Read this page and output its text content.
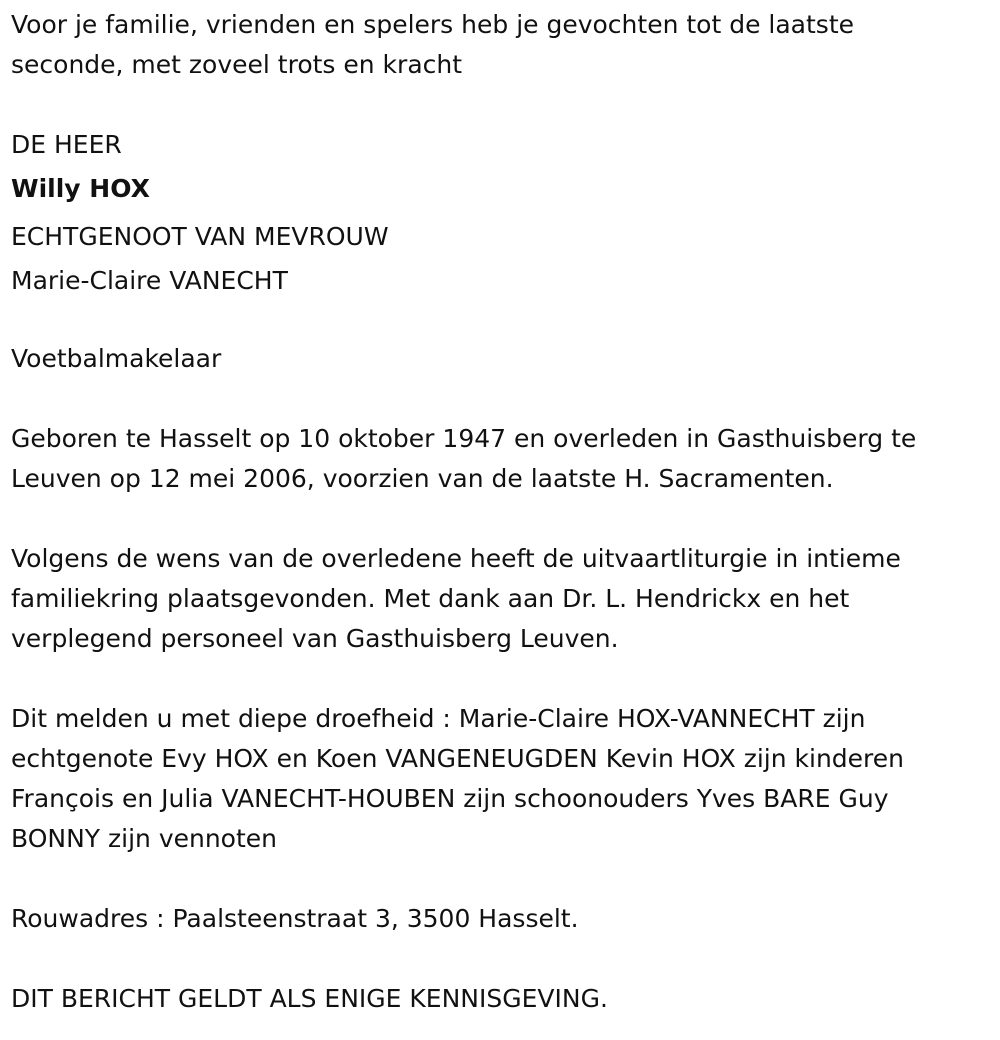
Voor je familie, vrienden en spelers heb je gevochten tot de laatste seconde, met zoveel trots en kracht

DE HEER

Willy HOX

ECHTGENOOT VAN MEVROUW

Marie-Claire VANECHT

Voetbalmakelaar

Geboren te Hasselt op 10 oktober 1947 en overleden in Gasthuisberg te Leuven op 12 mei 2006, voorzien van de laatste H. Sacramenten.

Volgens de wens van de overledene heeft de uitvaartliturgie in intieme familiekring plaatsgevonden. Met dank aan Dr. L. Hendrickx en het verplegend personeel van Gasthuisberg Leuven.

Dit melden u met diepe droefheid : Marie-Claire HOX-VANNECHT zijn echtgenote Evy HOX en Koen VANGENEUGDEN Kevin HOX zijn kinderen François en Julia VANECHT-HOUBEN zijn schoonouders Yves BARE Guy BONNY zijn vennoten

Rouwadres : Paalsteenstraat 3, 3500 Hasselt.

DIT BERICHT GELDT ALS ENIGE KENNISGEVING.
